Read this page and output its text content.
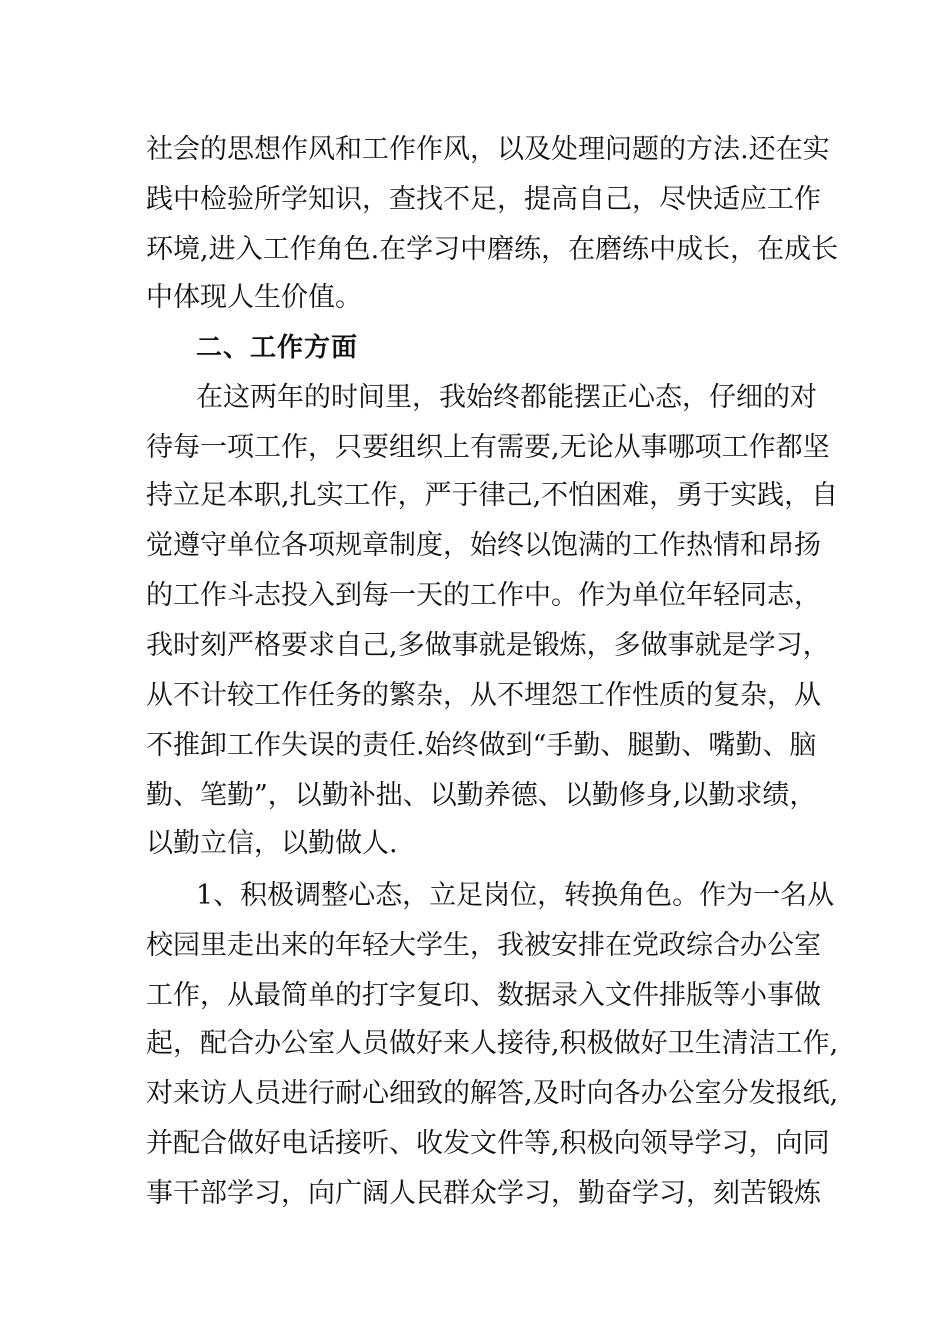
社会的思想作风和工作作风，以及处理问题的方法.还在实
践中检验所学知识，查找不足，提高自己，尽快适应工作
环境,进入工作角色.在学习中磨练，在磨练中成长，在成长
中体现人生价值。
二、工作方面
在这两年的时间里，我始终都能摆正心态，仔细的对
待每一项工作，只要组织上有需要,无论从事哪项工作都坚
持立足本职,扎实工作，严于律己,不怕困难，勇于实践，自
觉遵守单位各项规章制度，始终以饱满的工作热情和昂扬
的工作斗志投入到每一天的工作中。作为单位年轻同志，
我时刻严格要求自己,多做事就是锻炼，多做事就是学习，
从不计较工作任务的繁杂，从不埋怨工作性质的复杂，从
不推卸工作失误的责任.始终做到“手勤、腿勤、嘴勤、脑
勤、笔勤”，以勤补拙、以勤养德、以勤修身,以勤求绩，
以勤立信，以勤做人.
1、积极调整心态，立足岗位，转换角色。作为一名从
校园里走出来的年轻大学生，我被安排在党政综合办公室
工作，从最简单的打字复印、数据录入文件排版等小事做
起，配合办公室人员做好来人接待,积极做好卫生清洁工作,
对来访人员进行耐心细致的解答,及时向各办公室分发报纸,
并配合做好电话接听、收发文件等,积极向领导学习，向同
事干部学习，向广阔人民群众学习，勤奋学习，刻苦锻炼
